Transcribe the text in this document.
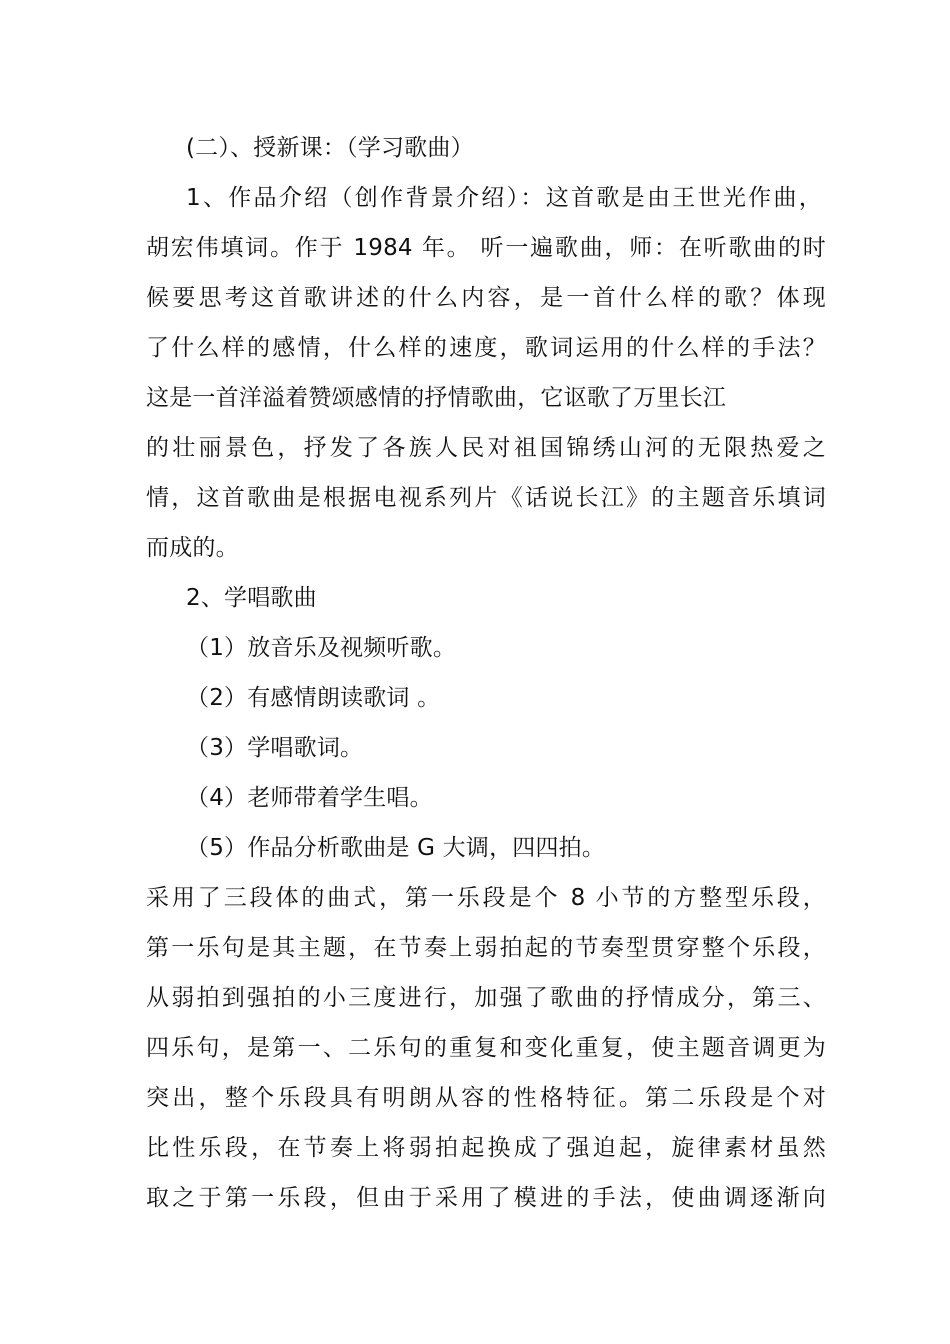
(二）、授新课：（学习歌曲）
1、作品介绍（创作背景介绍）：这首歌是由王世光作曲，
胡宏伟填词。作于 1984 年。 听一遍歌曲，师：在听歌曲的时
候要思考这首歌讲述的什么内容，是一首什么样的歌？体现
了什么样的感情，什么样的速度，歌词运用的什么样的手法？
这是一首洋溢着赞颂感情的抒情歌曲，它讴歌了万里长江
的壮丽景色，抒发了各族人民对祖国锦绣山河的无限热爱之
情，这首歌曲是根据电视系列片《话说长江》的主题音乐填词
而成的。
2、学唱歌曲
（1）放音乐及视频听歌。
（2）有感情朗读歌词 。
（3）学唱歌词。
（4）老师带着学生唱。
（5）作品分析歌曲是 G 大调，四四拍。
采用了三段体的曲式，第一乐段是个 8 小节的方整型乐段，
第一乐句是其主题，在节奏上弱拍起的节奏型贯穿整个乐段，
从弱拍到强拍的小三度进行，加强了歌曲的抒情成分，第三、
四乐句，是第一、二乐句的重复和变化重复，使主题音调更为
突出，整个乐段具有明朗从容的性格特征。第二乐段是个对
比性乐段，在节奏上将弱拍起换成了强迫起，旋律素材虽然
取之于第一乐段，但由于采用了模进的手法，使曲调逐渐向
